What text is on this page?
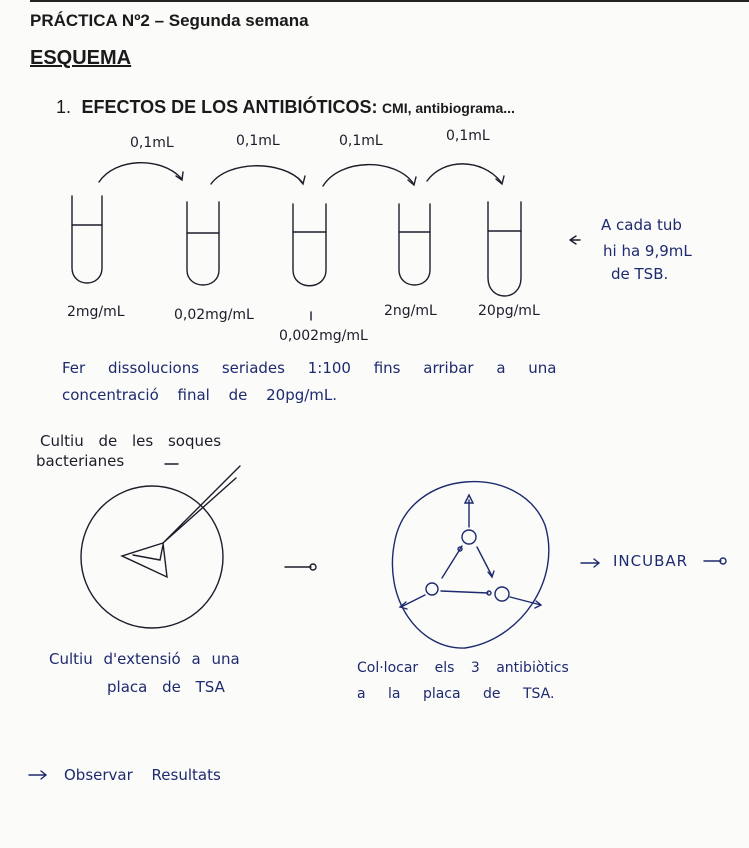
PRÁCTICA Nº2 – Segunda semana
ESQUEMA
1. EFECTOS DE LOS ANTIBIÓTICOS: CMI, antibiograma...
0,1mL	0,1mL	0,1mL	0,1mL
2mg/mL	0,02mg/mL
0,002mg/mL
2ng/mL	20pg/mL
A cada tub
hi ha 9,9mL
de TSB.
Fer dissolucions seriades 1:100 fins arribar a una
concentració final de 20pg/mL.
Cultiu de les soques
bacterianes
Cultiu d'extensió a una
placa de TSA
Col·locar els 3 antibiòtics
a la placa de TSA.
INCUBAR
Observar Resultats
